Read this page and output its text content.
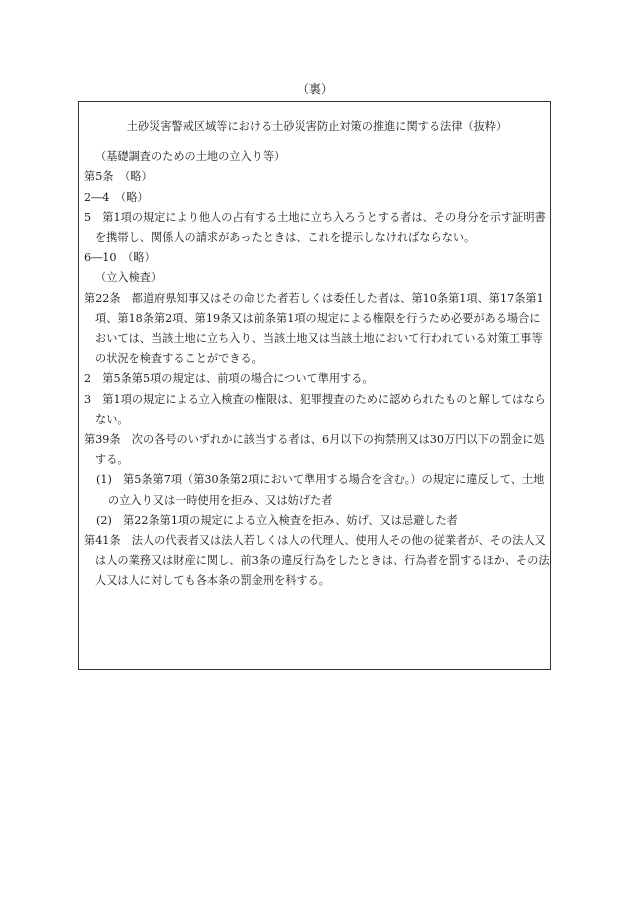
（裏）
土砂災害警戒区域等における土砂災害防止対策の推進に関する法律（抜粋）

（基礎調査のための土地の立入り等）

第5条　（略）

2―4　（略）

5　第1項の規定により他人の占有する土地に立ち入ろうとする者は、その身分を示す証明書を携帯し、関係人の請求があったときは、これを提示しなければならない。

6―10　（略）

（立入検査）

第22条　都道府県知事又はその命じた者若しくは委任した者は、第10条第1項、第17条第1項、第18条第2項、第19条又は前条第1項の規定による権限を行うため必要がある場合においては、当該土地に立ち入り、当該土地又は当該土地において行われている対策工事等の状況を検査することができる。

2　第5条第5項の規定は、前項の場合について準用する。

3　第1項の規定による立入検査の権限は、犯罪捜査のために認められたものと解してはならない。

第39条　次の各号のいずれかに該当する者は、6月以下の拘禁刑又は30万円以下の罰金に処する。

(1)　第5条第7項（第30条第2項において準用する場合を含む。）の規定に違反して、土地の立入り又は一時使用を拒み、又は妨げた者

(2)　第22条第1項の規定による立入検査を拒み、妨げ、又は忌避した者

第41条　法人の代表者又は法人若しくは人の代理人、使用人その他の従業者が、その法人又は人の業務又は財産に関し、前3条の違反行為をしたときは、行為者を罰するほか、その法人又は人に対しても各本条の罰金刑を科する。
